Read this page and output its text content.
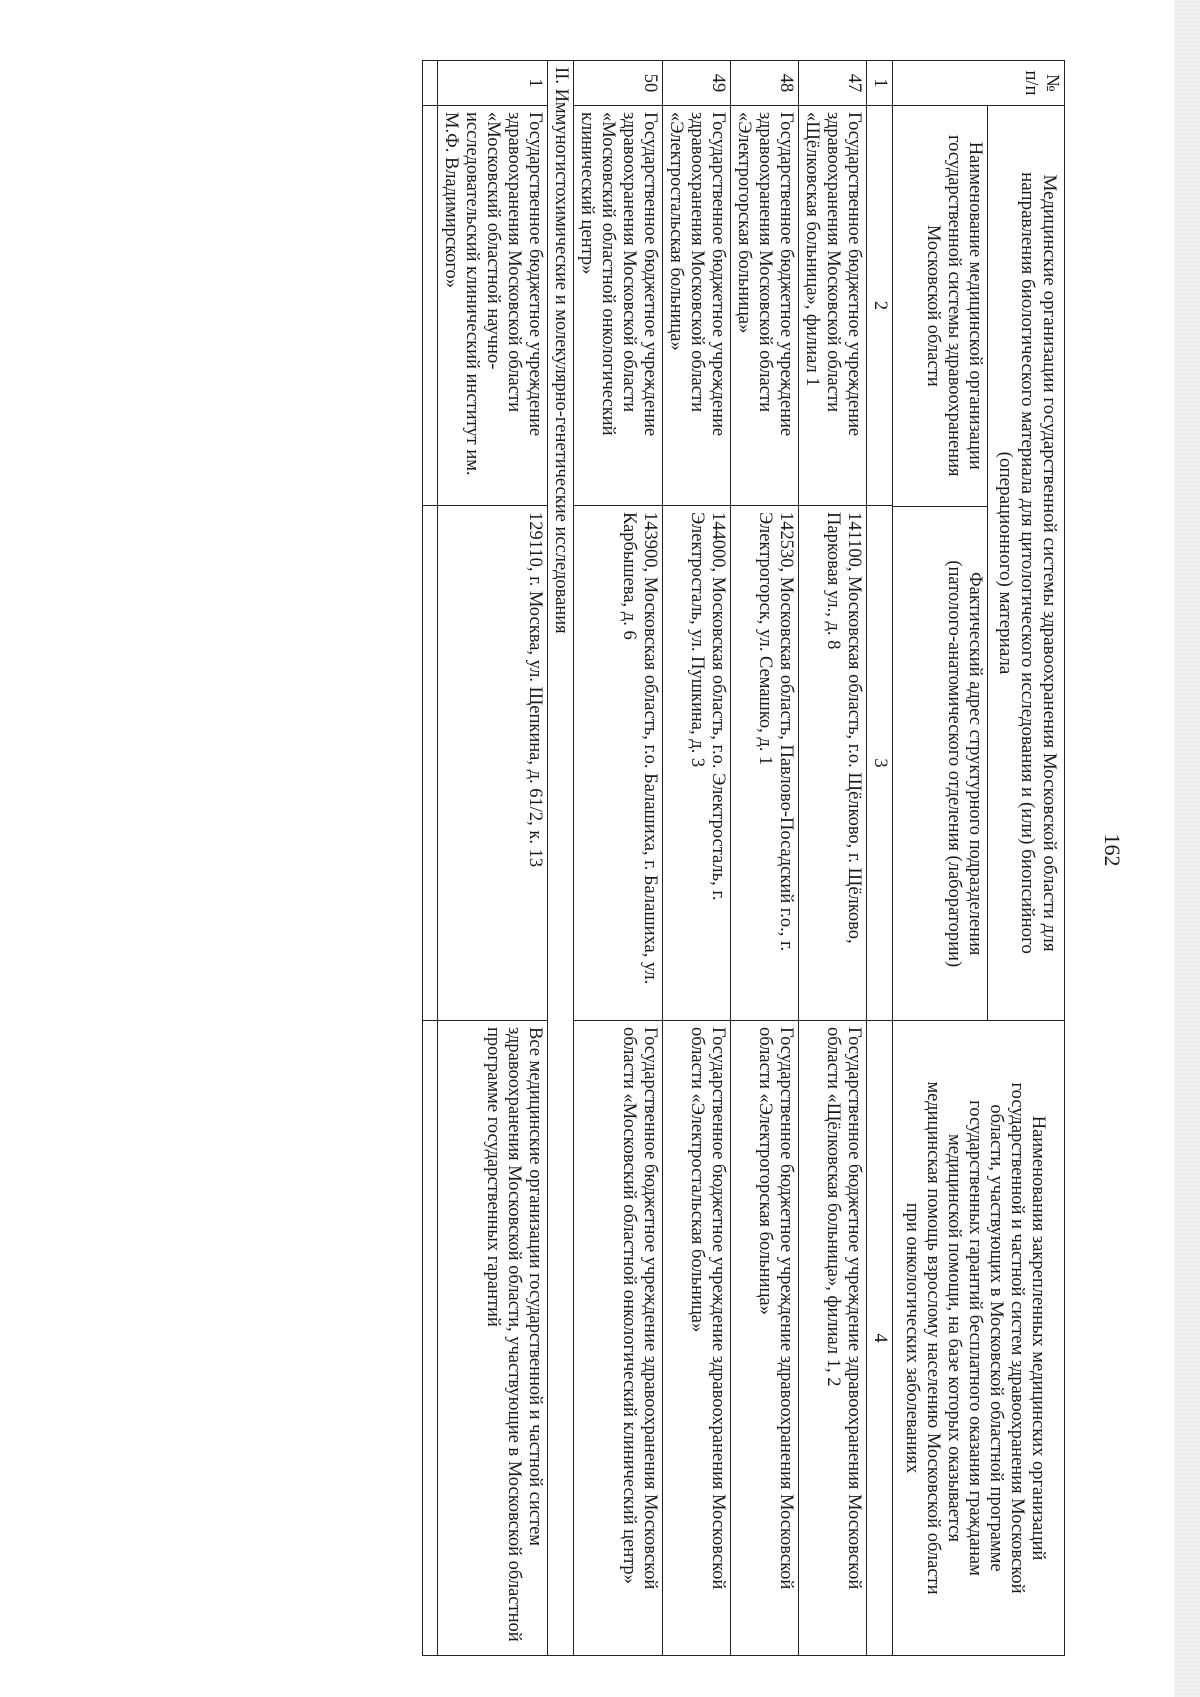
162
№ п/п	
Медицинские организации государственной системы здравоохранения Московской области для направления биологического материала для цитологического исследования и (или) биопсийного (операционного) материала
Наименование медицинской организации государственной системы здравоохранения Московской области	Фактический адрес структурного подразделения (патолого-анатомического отделения (лаборатории)
	Наименования закрепленных медицинских организаций государственной и частной систем здравоохранения Московской области, участвующих в Московской областной программе государственных гарантий бесплатного оказания гражданам медицинской помощи, на базе которых оказывается медицинская помощь взрослому населению Московской области при онкологических заболеваниях
1	2	3	4
47	Государственное бюджетное учреждение здравоохранения Московской области «Щёлковская больница», филиал 1	141100, Московская область, г.о. Щёлково, г. Щёлково, Парковая ул., д. 8	Государственное бюджетное учреждение здравоохранения Московской области «Щёлковская больница», филиал 1, 2
48	Государственное бюджетное учреждение здравоохранения Московской области «Электрогорская больница»	142530, Московская область, Павлово-Посадский г.о., г. Электрогорск, ул. Семашко, д. 1	Государственное бюджетное учреждение здравоохранения Московской области «Электрогорская больница»
49	Государственное бюджетное учреждение здравоохранения Московской области «Электростальская больница»	144000, Московская область, г.о. Электросталь, г. Электросталь, ул. Пушкина, д. 3	Государственное бюджетное учреждение здравоохранения Московской области «Электростальская больница»
50	Государственное бюджетное учреждение здравоохранения Московской области «Московский областной онкологический клинический центр»	143900, Московская область, г.о. Балашиха, г. Балашиха, ул. Карбышева, д. 6	Государственное бюджетное учреждение здравоохранения Московской области «Московский областной онкологический клинический центр»
II. Иммуногистохимические и молекулярно-генетические исследования
1	Государственное бюджетное учреждение здравоохранения Московской области «Московский областной научно-исследовательский клинический институт им. М.Ф. Владимирского»	129110, г. Москва, ул. Щепкина, д. 61/2, к. 13	Все медицинские организации государственной и частной систем здравоохранения Московской области, участвующие в Московской областной программе государственных гарантий
